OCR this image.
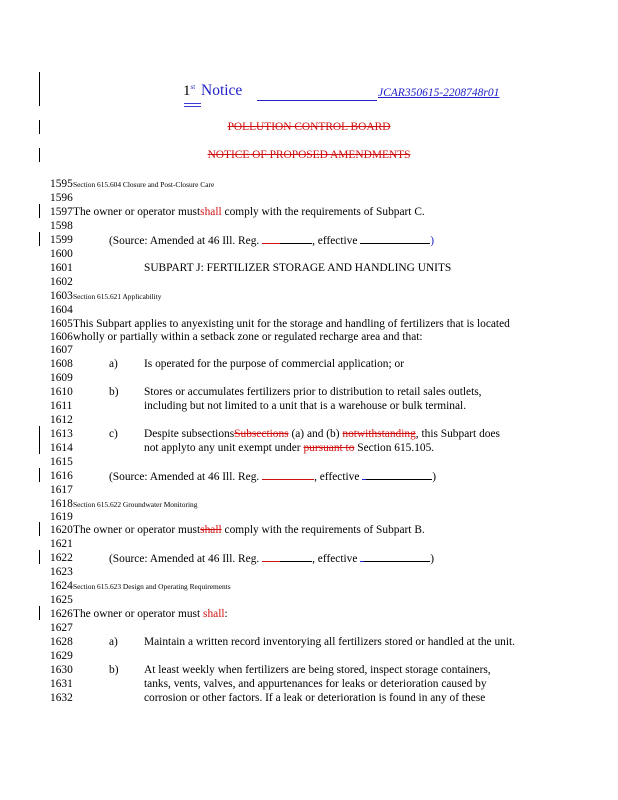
1st Notice	JCAR350615-2208748r01
POLLUTION CONTROL BOARD
NOTICE OF PROPOSED AMENDMENTS
1595
1596
1597
1598
1599
1600
1601
1602
1603
1604
1605
1606
1607
1608
1609
1610
1611
1612
1613
1614
1615
1616
1617
1618
1619
1620
1621
1622
1623
1624
1625
1626
1627
1628
1629
1630
1631
1632
Section 615.604 Closure and Post-Closure Care
The owner or operator mustshall comply with the requirements of Subpart C.
(Source: Amended at 46 Ill. Reg.	, effective	)
SUBPART J: FERTILIZER STORAGE AND HANDLING UNITS
Section 615.621 Applicability
This Subpart applies to anyexisting unit for the storage and handling of fertilizers that is located
wholly or partially within a setback zone or regulated recharge area and that:
a) Is operated for the purpose of commercial application; or
b) Stores or accumulates fertilizers prior to distribution to retail sales outlets,
including but not limited to a unit that is a warehouse or bulk terminal.
c) Despite subsectionsSubsections (a) and (b) notwithstanding, this Subpart does
not applyto any unit exempt under pursuant to Section 615.105.
(Source: Amended at 46 Ill. Reg.	, effective	)
Section 615.622 Groundwater Monitoring
The owner or operator mustshall comply with the requirements of Subpart B.
(Source: Amended at 46 Ill. Reg.	, effective	)
Section 615.623 Design and Operating Requirements
The owner or operator must shall:
a) Maintain a written record inventorying all fertilizers stored or handled at the unit.
b) At least weekly when fertilizers are being stored, inspect storage containers,
tanks, vents, valves, and appurtenances for leaks or deterioration caused by
corrosion or other factors. If a leak or deterioration is found in any of these
